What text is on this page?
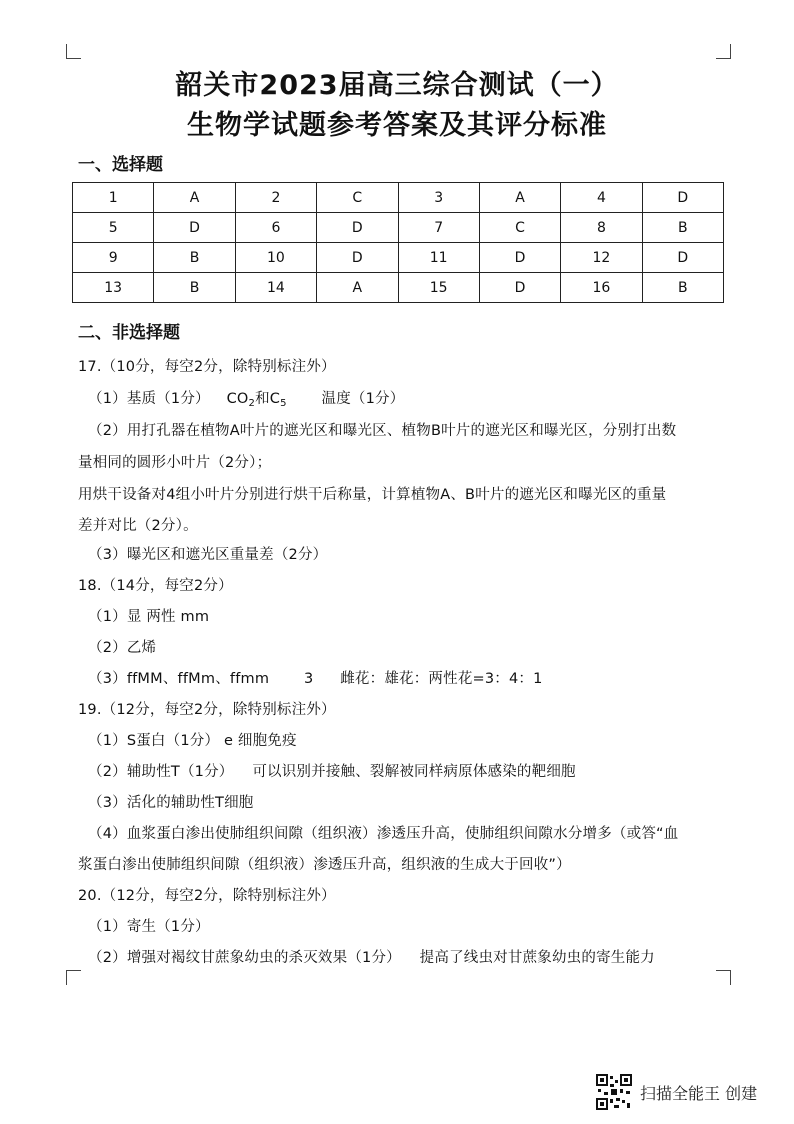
韶关市2023届高三综合测试（一）
生物学试题参考答案及其评分标准
一、选择题
1	A	2	C	3	A	4	D
5	D	6	D	7	C	8	B
9	B	10	D	11	D	12	D
13	B	14	A	15	D	16	B
二、非选择题
17.（10分，每空2分，除特别标注外）
（1）基质（1分） $CO_2$和$C_5$ 温度（1分）
（2）用打孔器在植物A叶片的遮光区和曝光区、植物B叶片的遮光区和曝光区，分别打出数
量相同的圆形小叶片（2分）；
用烘干设备对4组小叶片分别进行烘干后称量，计算植物A、B叶片的遮光区和曝光区的重量
差并对比（2分）。
（3）曝光区和遮光区重量差（2分）
18.（14分，每空2分）
（1）显 两性 mm
（2）乙烯
（3）ffMM、ffMm、ffmm 3 雌花：雄花：两性花=3：4：1
19.（12分，每空2分，除特别标注外）
（1）S蛋白（1分） e 细胞免疫
（2）辅助性T（1分） 可以识别并接触、裂解被同样病原体感染的靶细胞
（3）活化的辅助性T细胞
（4）血浆蛋白渗出使肺组织间隙（组织液）渗透压升高，使肺组织间隙水分增多（或答“血
浆蛋白渗出使肺组织间隙（组织液）渗透压升高，组织液的生成大于回收”）
20.（12分，每空2分，除特别标注外）
（1）寄生（1分）
（2）增强对褐纹甘蔗象幼虫的杀灭效果（1分） 提高了线虫对甘蔗象幼虫的寄生能力
扫描全能王 创建
